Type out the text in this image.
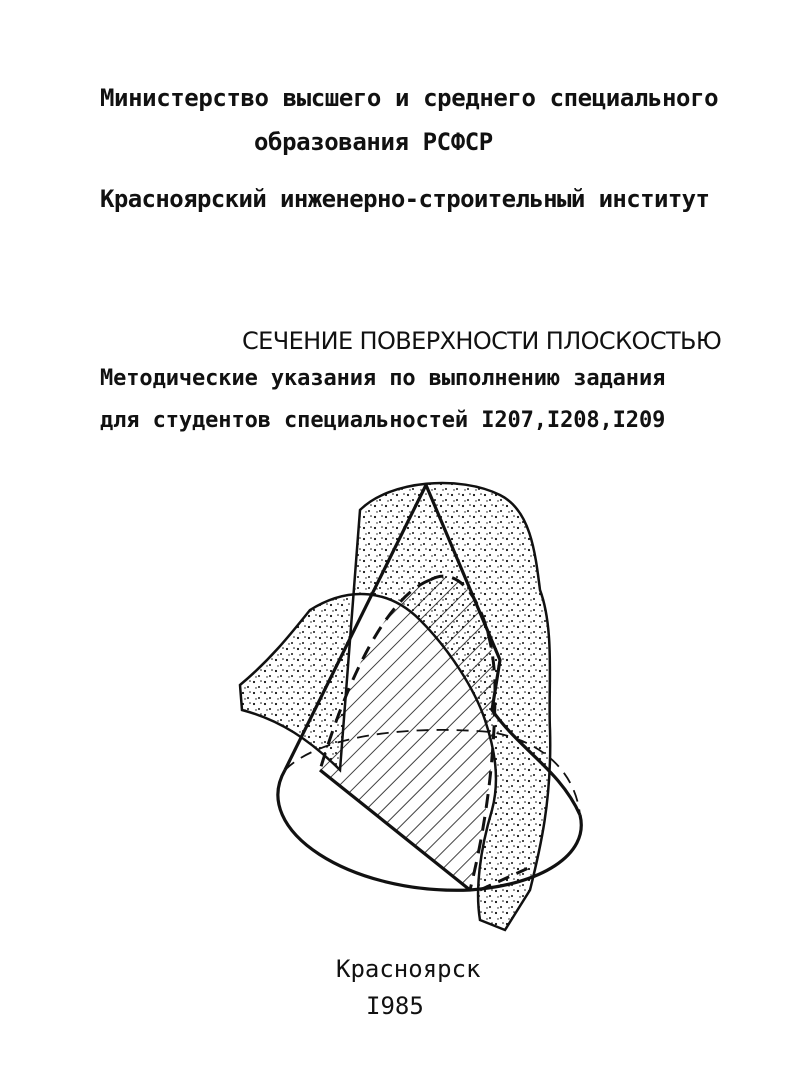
Министерство высшего и среднего специального
образования РСФСР
Красноярский инженерно-строительный институт
СЕЧЕНИЕ ПОВЕРХНОСТИ ПЛОСКОСТЬЮ
Методические указания по выполнению задания
для студентов специальностей I207,I208,I209
Красноярск
I985
